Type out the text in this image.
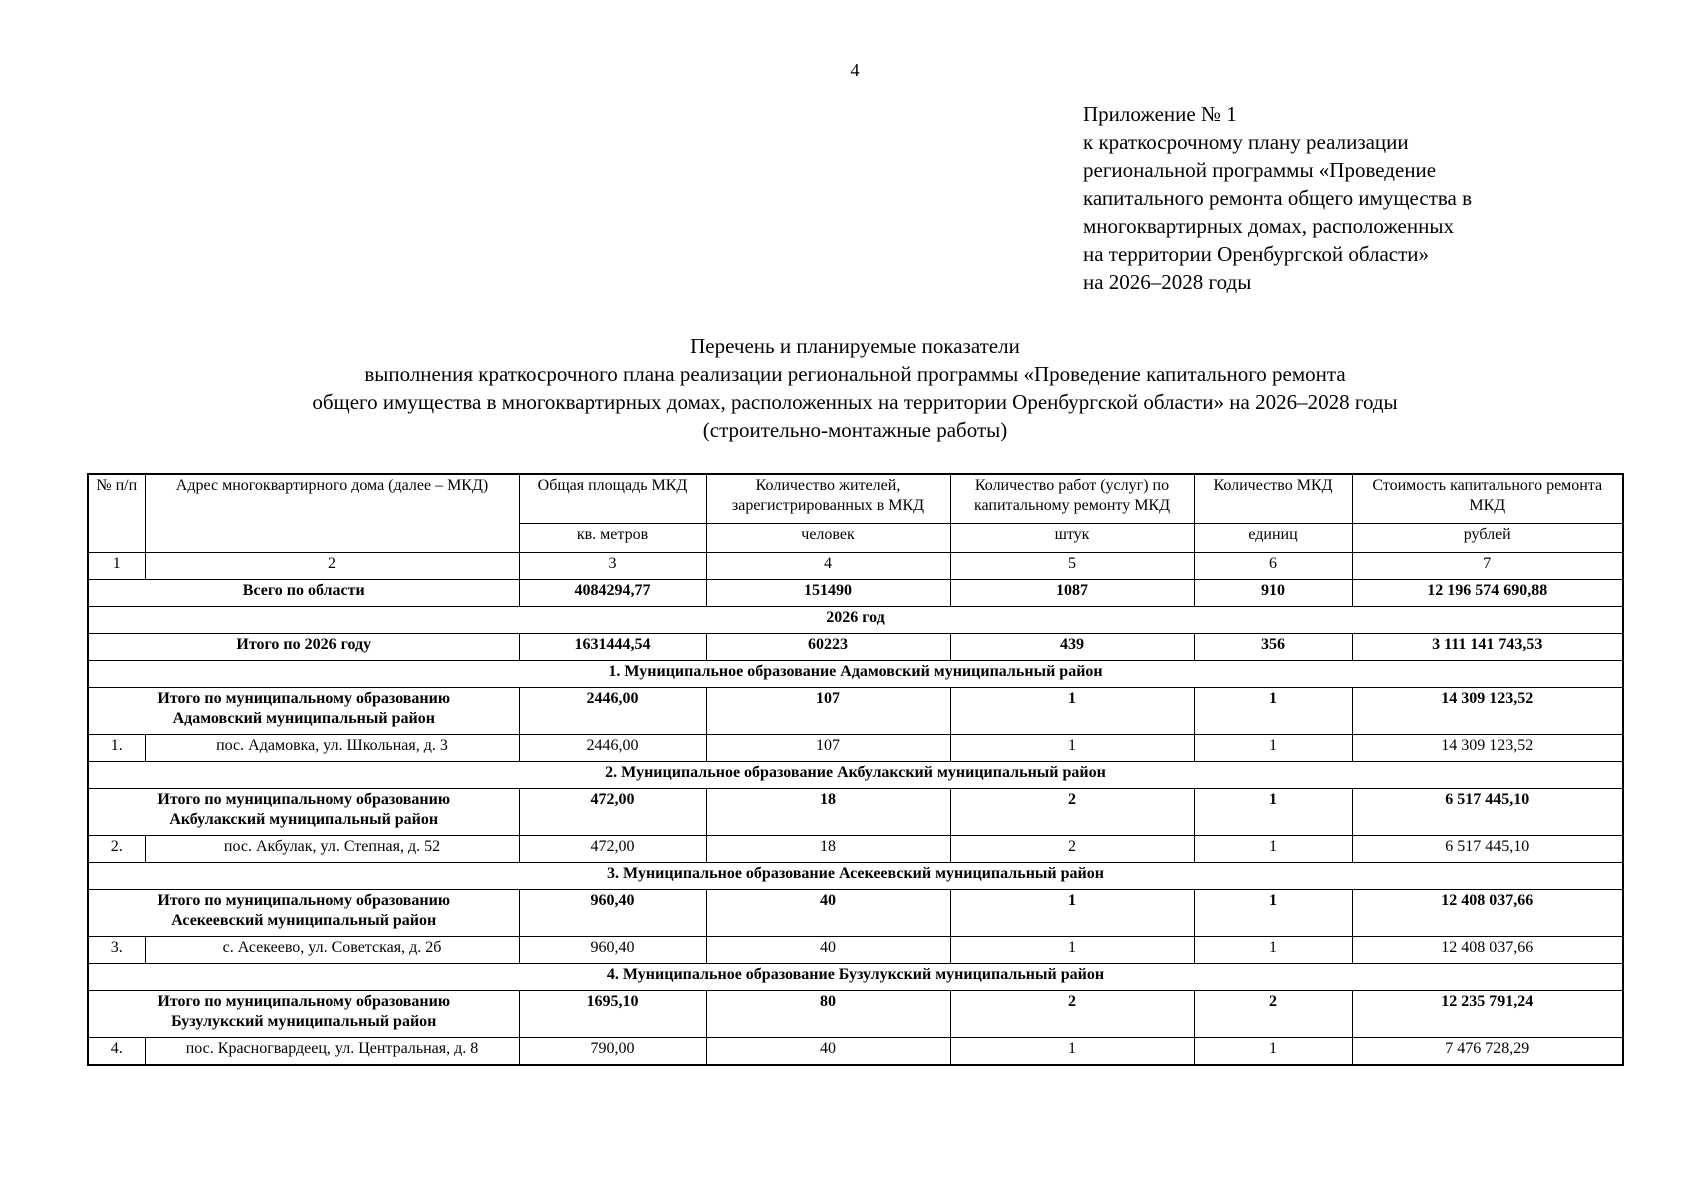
4
Приложение № 1
к краткосрочному плану реализации
региональной программы «Проведение
капитального ремонта общего имущества в
многоквартирных домах, расположенных
на территории Оренбургской области»
на 2026–2028 годы
Перечень и планируемые показатели
выполнения краткосрочного плана реализации региональной программы «Проведение капитального ремонта
общего имущества в многоквартирных домах, расположенных на территории Оренбургской области» на 2026–2028 годы
(строительно-монтажные работы)
№ п/п	Адрес многоквартирного дома (далее – МКД)	Общая площадь МКД	Количество жителей, зарегистрированных в МКД	Количество работ (услуг) по капитальному ремонту МКД	Количество МКД	Стоимость капитального ремонта МКД
		кв. метров	человек	штук	единиц	рублей
1	2	3	4	5	6	7
Всего по области		4084294,77	151490	1087	910	12 196 574 690,88
2026 год						
Итого по 2026 году		1631444,54	60223	439	356	3 111 141 743,53
1. Муниципальное образование Адамовский муниципальный район						

Итого по муниципальному образованию
Адамовский муниципальный район		2446,00	107	1	1	14 309 123,52
1.	пос. Адамовка, ул. Школьная, д. 3	2446,00	107	1	1	14 309 123,52
2. Муниципальное образование Акбулакский муниципальный район						

Итого по муниципальному образованию
Акбулакский муниципальный район		472,00	18	2	1	6 517 445,10
2.	пос. Акбулак, ул. Степная, д. 52	472,00	18	2	1	6 517 445,10
3. Муниципальное образование Асекеевский муниципальный район						

Итого по муниципальному образованию
Асекеевский муниципальный район		960,40	40	1	1	12 408 037,66
3.	с. Асекеево, ул. Советская, д. 2б	960,40	40	1	1	12 408 037,66
4. Муниципальное образование Бузулукский муниципальный район						

Итого по муниципальному образованию
Бузулукский муниципальный район		1695,10	80	2	2	12 235 791,24
4.	пос. Красногвардеец, ул. Центральная, д. 8	790,00	40	1	1	7 476 728,29
